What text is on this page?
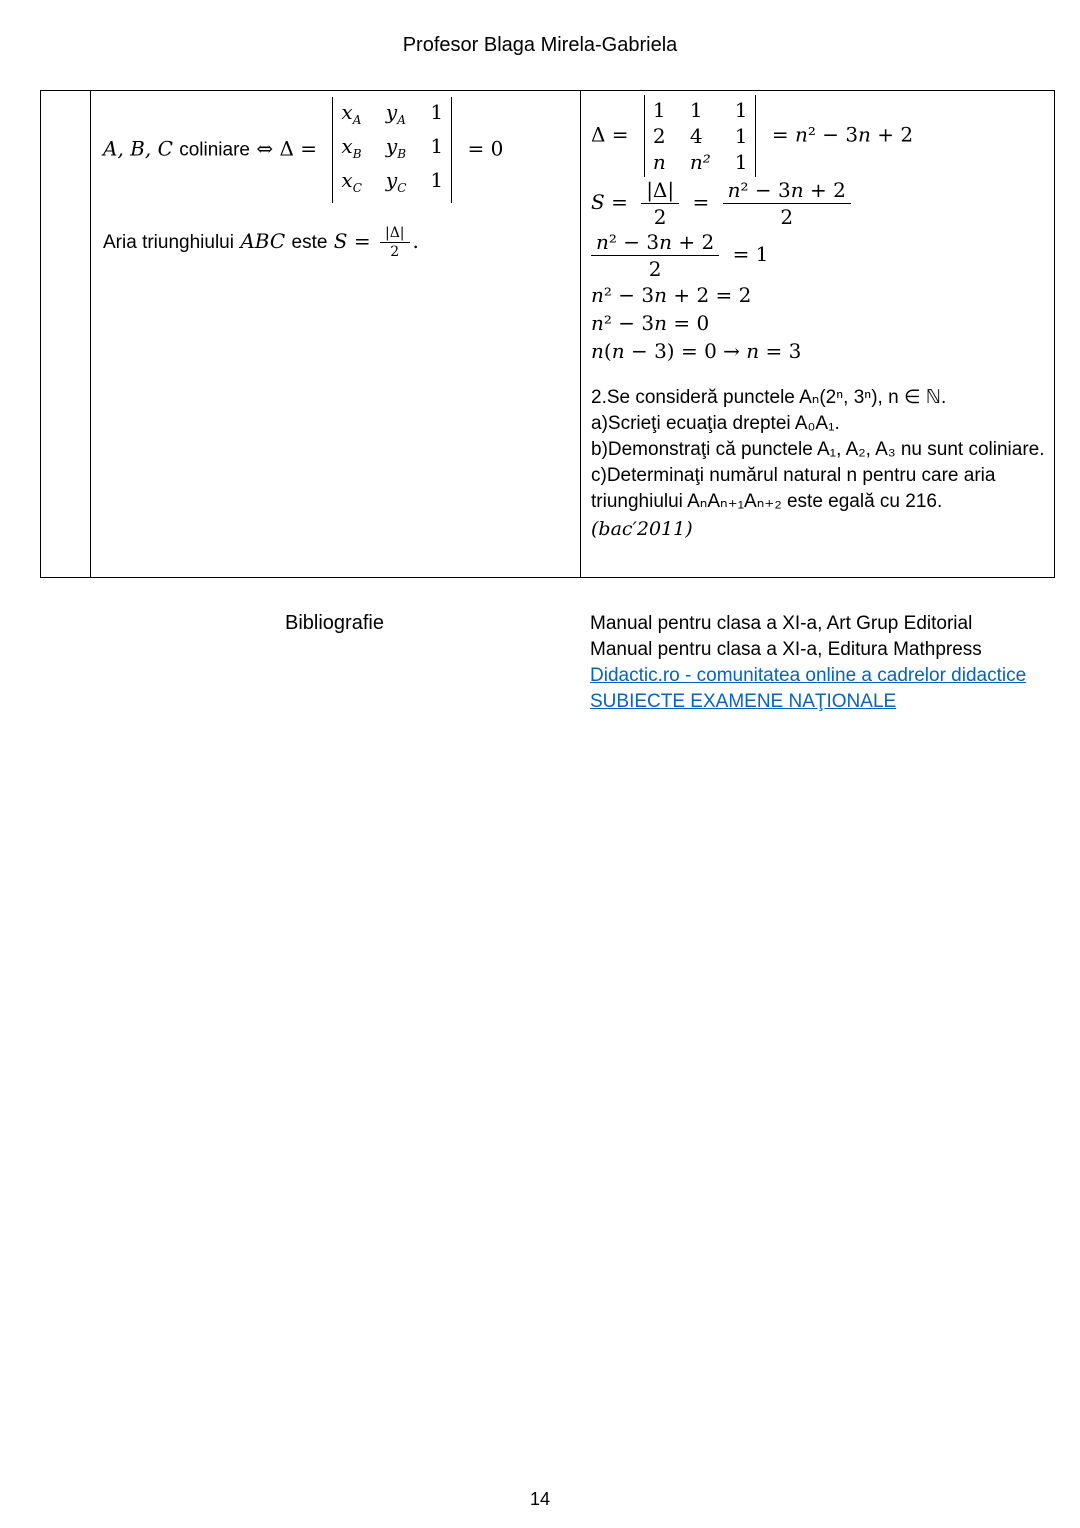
Profesor Blaga Mirela-Gabriela
A, B, C coliniare ⇔ Δ =
$x_A$ $y_A$ 1
$x_B$ $y_B$ 1
$x_C$ $y_C$ 1
= 0
Aria triunghiului ABC este $S = \frac{|\Delta|}{2}$ .
Δ =
1 1 1
2 4 1
n n² 1
= n² − 3n + 2
$S = \frac{|\Delta|}{2} = \frac{\text{n² − 3n + 2}}{2}$
$\frac{\text{n² − 3n + 2}}{2} = 1$
n² − 3n + 2 = 2
n² − 3n = 0
n(n − 3) = 0 → n = 3

2.Se consideră punctele Aₙ(2ⁿ, 3ⁿ), n ∈ ℕ.

a)Scrieţi ecuaţia dreptei A₀A₁.

b)Demonstraţi că punctele A₁, A₂, A₃ nu sunt coliniare.

c)Determinaţi numărul natural n pentru care aria triunghiului AₙAₙ₊₁Aₙ₊₂ este egală cu 216.

(bac′2011)

Bibliografie	Manual pentru clasa a XI-a, Art Grup Editorial
Manual pentru clasa a XI-a, Editura Mathpress
Didactic.ro - comunitatea online a cadrelor didactice
SUBIECTE EXAMENE NAŢIONALE
14
